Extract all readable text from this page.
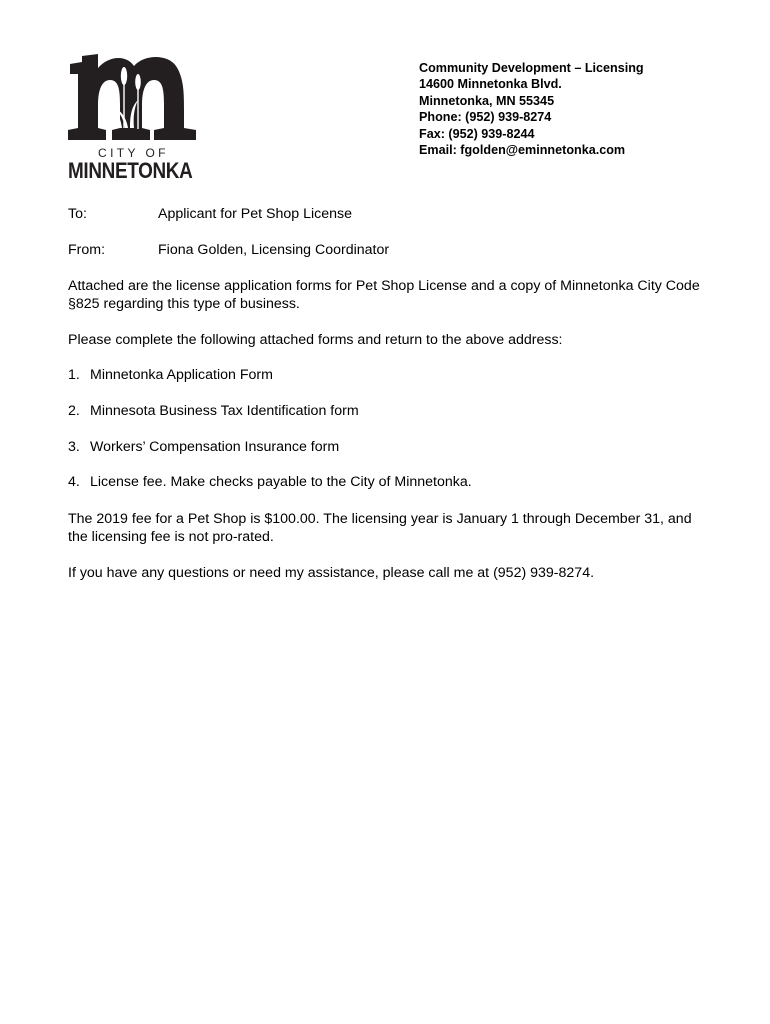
CITY OF
MINNETONKA
Community Development – Licensing
14600 Minnetonka Blvd.
Minnetonka, MN 55345
Phone: (952) 939-8274
Fax: (952) 939-8244
Email: fgolden@eminnetonka.com
To:	Applicant for Pet Shop License
From:	Fiona Golden, Licensing Coordinator
Attached are the license application forms for Pet Shop License and a copy of Minnetonka City Code §825 regarding this type of business.
Please complete the following attached forms and return to the above address:
1. Minnetonka Application Form
2. Minnesota Business Tax Identification form
3. Workers’ Compensation Insurance form
4. License fee. Make checks payable to the City of Minnetonka.
The 2019 fee for a Pet Shop is $100.00. The licensing year is January 1 through December 31, and the licensing fee is not pro-rated.
If you have any questions or need my assistance, please call me at (952) 939-8274.
